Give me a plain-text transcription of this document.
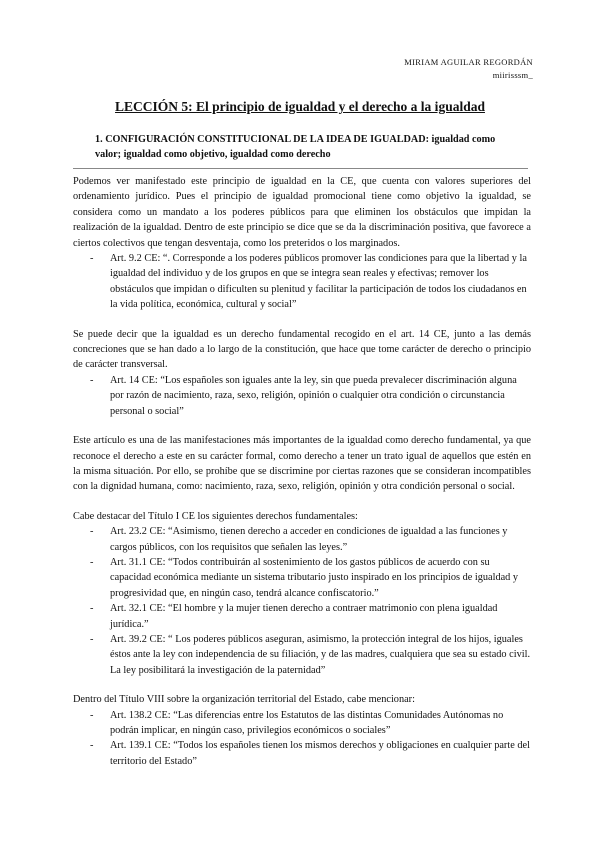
MIRIAM AGUILAR REGORDÁN
miirisssm_
LECCIÓN 5: El principio de igualdad y el derecho a la igualdad
1. CONFIGURACIÓN CONSTITUCIONAL DE LA IDEA DE IGUALDAD: igualdad como valor; igualdad como objetivo, igualdad como derecho

Podemos ver manifestado este principio de igualdad en la CE, que cuenta con valores superiores del ordenamiento jurídico. Pues el principio de igualdad promocional tiene como objetivo la igualdad, se considera como un mandato a los poderes públicos para que eliminen los obstáculos que impidan la realización de la igualdad. Dentro de este principio se dice que se da la discriminación positiva, que favorece a ciertos colectivos que tengan desventaja, como los preteridos o los marginados.

- Art. 9.2 CE: “. Corresponde a los poderes públicos promover las condiciones para que la libertad y la igualdad del individuo y de los grupos en que se integra sean reales y efectivas; remover los obstáculos que impidan o dificulten su plenitud y facilitar la participación de todos los ciudadanos en la vida política, económica, cultural y social”

Se puede decir que la igualdad es un derecho fundamental recogido en el art. 14 CE, junto a las demás concreciones que se han dado a lo largo de la constitución, que hace que tome carácter de derecho o principio de carácter transversal.

- Art. 14 CE: “Los españoles son iguales ante la ley, sin que pueda prevalecer discriminación alguna por razón de nacimiento, raza, sexo, religión, opinión o cualquier otra condición o circunstancia personal o social”

Este artículo es una de las manifestaciones más importantes de la igualdad como derecho fundamental, ya que reconoce el derecho a este en su carácter formal, como derecho a tener un trato igual de aquellos que estén en la misma situación. Por ello, se prohíbe que se discrimine por ciertas razones que se consideran incompatibles con la dignidad humana, como: nacimiento, raza, sexo, religión, opinión y otra condición personal o social.

Cabe destacar del Título I CE los siguientes derechos fundamentales:

- Art. 23.2 CE: “Asimismo, tienen derecho a acceder en condiciones de igualdad a las funciones y cargos públicos, con los requisitos que señalen las leyes.”
- Art. 31.1 CE: “Todos contribuirán al sostenimiento de los gastos públicos de acuerdo con su capacidad económica mediante un sistema tributario justo inspirado en los principios de igualdad y progresividad que, en ningún caso, tendrá alcance confiscatorio.”
- Art. 32.1 CE: “El hombre y la mujer tienen derecho a contraer matrimonio con plena igualdad jurídica.”
- Art. 39.2 CE: “ Los poderes públicos aseguran, asimismo, la protección integral de los hijos, iguales éstos ante la ley con independencia de su filiación, y de las madres, cualquiera que sea su estado civil. La ley posibilitará la investigación de la paternidad”

Dentro del Título VIII sobre la organización territorial del Estado, cabe mencionar:

- Art. 138.2 CE: “Las diferencias entre los Estatutos de las distintas Comunidades Autónomas no podrán implicar, en ningún caso, privilegios económicos o sociales”
- Art. 139.1 CE: “Todos los españoles tienen los mismos derechos y obligaciones en cualquier parte del territorio del Estado”
